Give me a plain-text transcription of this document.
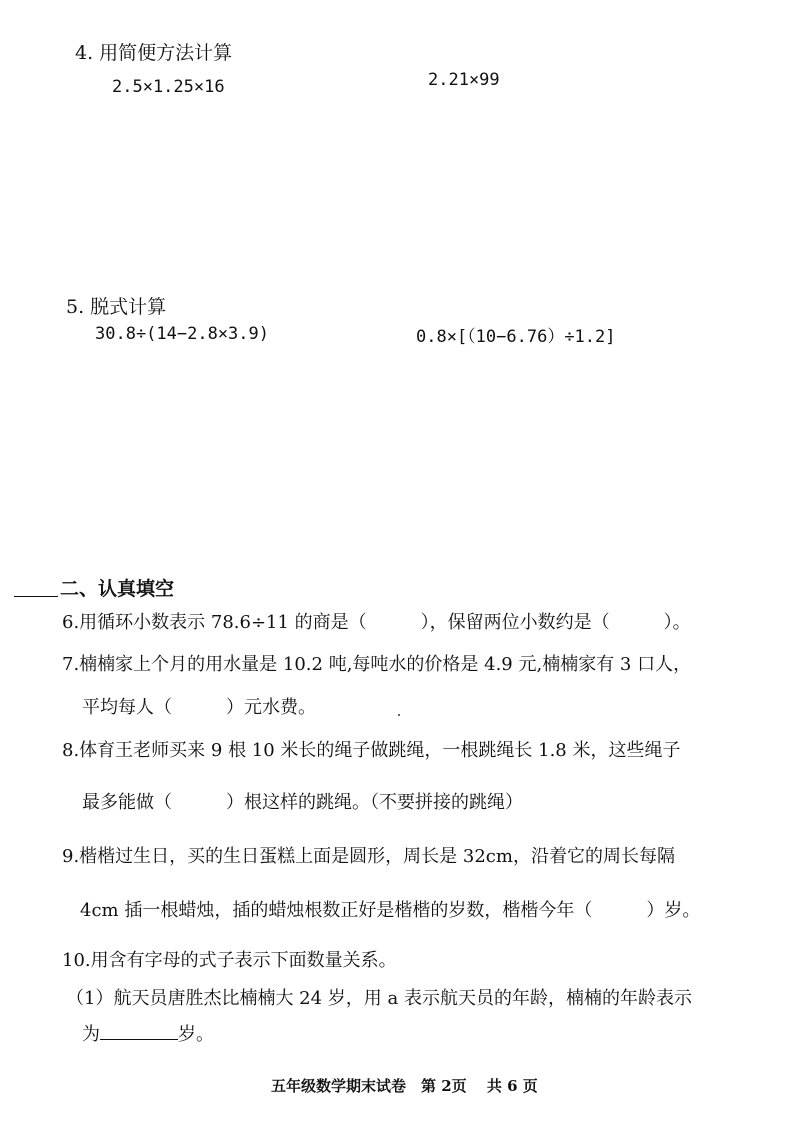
4. 用简便方法计算
2.5×1.25×16	2.21×99
5. 脱式计算
30.8÷(14−2.8×3.9)	0.8×[（10−6.76）÷1.2]
二、认真填空
6.用循环小数表示 78.6÷11 的商是（　　　），保留两位小数约是（　　　）。
7.楠楠家上个月的用水量是 10.2 吨,每吨水的价格是 4.9 元,楠楠家有 3 口人，
平均每人（　　　）元水费。
8.体育王老师买来 9 根 10 米长的绳子做跳绳，一根跳绳长 1.8 米，这些绳子
最多能做（　　　）根这样的跳绳。（不要拼接的跳绳）
9.楷楷过生日，买的生日蛋糕上面是圆形，周长是 32cm，沿着它的周长每隔
4cm 插一根蜡烛，插的蜡烛根数正好是楷楷的岁数，楷楷今年（　　　）岁。
10.用含有字母的式子表示下面数量关系。
（1）航天员唐胜杰比楠楠大 24 岁，用 a 表示航天员的年龄，楠楠的年龄表示
为	岁。
五年级数学期末试卷　第 2页　 共 6 页
